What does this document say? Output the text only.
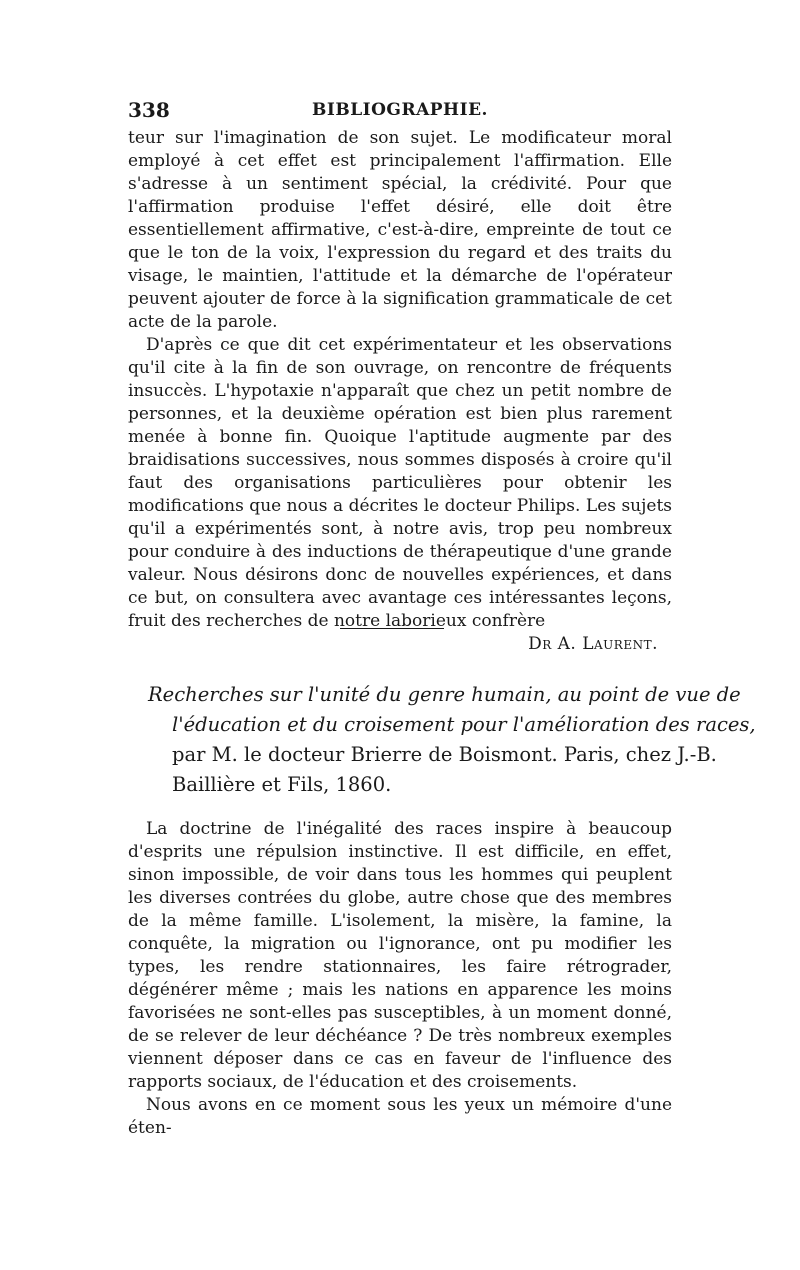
338	BIBLIOGRAPHIE.

teur sur l'imagination de son sujet. Le modificateur moral employé à cet effet est principalement l'affirmation. Elle s'adresse à un sentiment spécial, la crédivité. Pour que l'affirmation produise l'effet désiré, elle doit être essentiellement affirmative, c'est-à-dire, empreinte de tout ce que le ton de la voix, l'expression du regard et des traits du visage, le maintien, l'attitude et la démarche de l'opérateur peuvent ajouter de force à la signification grammaticale de cet acte de la parole.

D'après ce que dit cet expérimentateur et les observations qu'il cite à la fin de son ouvrage, on rencontre de fréquents insuccès. L'hypotaxie n'apparaît que chez un petit nombre de personnes, et la deuxième opération est bien plus rarement menée à bonne fin. Quoique l'aptitude augmente par des braidisations successives, nous sommes disposés à croire qu'il faut des organisations particulières pour obtenir les modifications que nous a décrites le docteur Philips. Les sujets qu'il a expérimentés sont, à notre avis, trop peu nombreux pour conduire à des inductions de thérapeutique d'une grande valeur. Nous désirons donc de nouvelles expériences, et dans ce but, on consultera avec avantage ces intéressantes leçons, fruit des recherches de notre laborieux confrère

Dr A. Laurent.
Recherches sur l'unité du genre humain, au point de vue de
l'éducation et du croisement pour l'amélioration des races,
par M. le docteur Brierre de Boismont. Paris, chez J.-B.
Baillière et Fils, 1860.

La doctrine de l'inégalité des races inspire à beaucoup d'esprits une répulsion instinctive. Il est difficile, en effet, sinon impossible, de voir dans tous les hommes qui peuplent les diverses contrées du globe, autre chose que des membres de la même famille. L'isolement, la misère, la famine, la conquête, la migration ou l'ignorance, ont pu modifier les types, les rendre stationnaires, les faire rétrograder, dégénérer même ; mais les nations en apparence les moins favorisées ne sont-elles pas susceptibles, à un moment donné, de se relever de leur déchéance ? De très nombreux exemples viennent déposer dans ce cas en faveur de l'influence des rapports sociaux, de l'éducation et des croisements.

Nous avons en ce moment sous les yeux un mémoire d'une éten-
